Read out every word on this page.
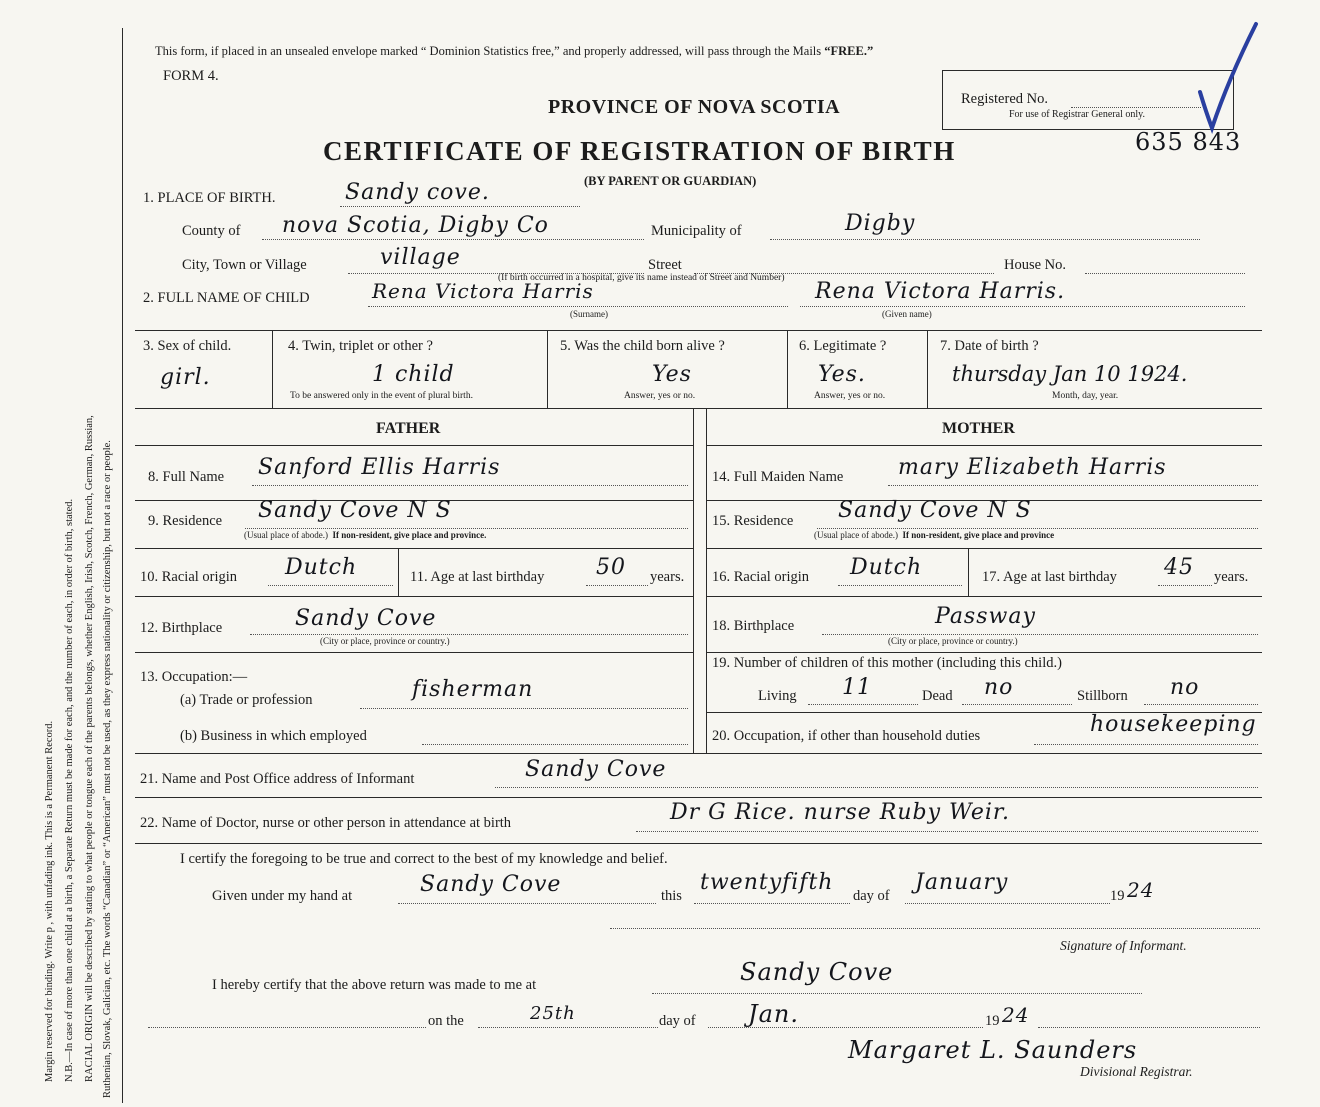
Margin reserved for binding. Write p , with unfading ink. This is a Permanent Record. N.B.—In case of more than one child at a birth, a Separate Return must be made for each, and the number of each, in order of birth, stated. RACIAL ORIGIN will be described by stating to what people or tongue each of the parents belongs, whether English, Irish, Scotch, French, German, Russian, Ruthenian, Slovak, Galician, etc. The words “Canadian” or “American” must not be used, as they express nationality or citizenship, but not a race or people.
This form, if placed in an unsealed envelope marked “ Dominion Statistics free,” and properly addressed, will pass through the Mails “FREE.”
FORM 4.
PROVINCE OF NOVA SCOTIA
CERTIFICATE OF REGISTRATION OF BIRTH
(BY PARENT OR GUARDIAN)
Registered No.
For use of Registrar General only.
635 843
1. PLACE OF BIRTH.	Sandy cove.
County of nova Scotia, Digby Co	Municipality of	Digby
City, Town or Village	village	Street	House No.
(If birth occurred in a hospital, give its name instead of Street and Number)
2. FULL NAME OF CHILD	Rena Victora Harris	Rena Victora Harris.
(Surname)	(Given name)
3. Sex of child.
girl.
4. Twin, triplet or other ?
1 child
To be answered only in the event of plural birth.
5. Was the child born alive ?
Yes
Answer, yes or no.
6. Legitimate ?
Yes.
Answer, yes or no.
7. Date of birth ?
thursday Jan 10 1924.
Month, day, year.
FATHER	MOTHER
8. Full Name Sanford Ellis Harris
9. Residence Sandy Cove N S
(Usual place of abode.) If non-resident, give place and province.
10. Racial origin Dutch	11. Age at last birthday 50 years.
12. Birthplace	Sandy Cove
(City or place, province or country.)
13. Occupation:—
(a) Trade or profession	fisherman
(b) Business in which employed
14. Full Maiden Name mary Elizabeth Harris
15. Residence Sandy Cove N S
(Usual place of abode.) If non-resident, give place and province
16. Racial origin Dutch	17. Age at last birthday 45 years.
18. Birthplace	Passway
(City or place, province or country.)
19. Number of children of this mother (including this child.)
Living 11	Dead no	Stillborn no
20. Occupation, if other than household duties	housekeeping
21. Name and Post Office address of Informant	Sandy Cove
22. Name of Doctor, nurse or other person in attendance at birth	Dr G Rice. nurse Ruby Weir.
I certify the foregoing to be true and correct to the best of my knowledge and belief.
Given under my hand at	Sandy Cove	this
twentyfifth
day of
January
19 24
Signature of Informant.
I hereby certify that the above return was made to me at	Sandy Cove
on the	25th	day of Jan.	19 24
Margaret L. Saunders
Divisional Registrar.
